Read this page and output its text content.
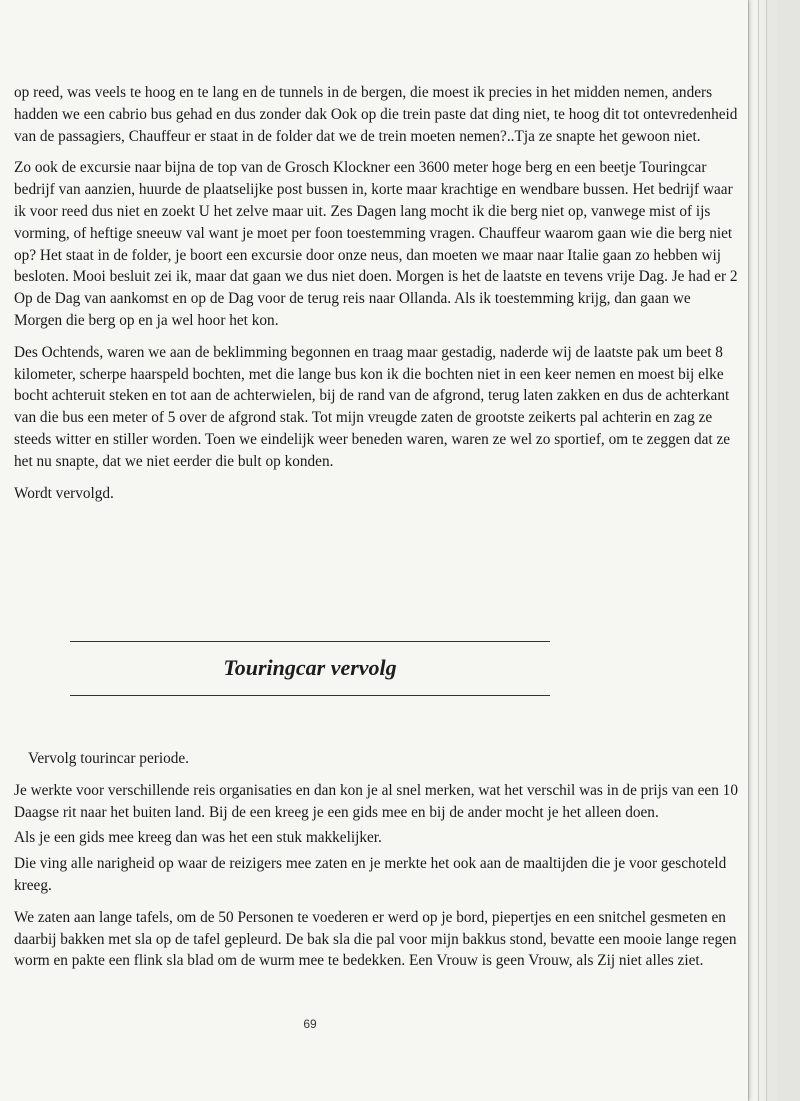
op reed, was veels te hoog en te lang en de tunnels in de bergen, die moest ik precies in het midden nemen, anders hadden we een cabrio bus gehad en dus zonder dak Ook op die trein paste dat ding niet, te hoog dit tot ontevredenheid van de passagiers, Chauffeur er staat in de folder dat we de trein moeten nemen?..Tja ze snapte het gewoon niet.

Zo ook de excursie naar bijna de top van de Grosch Klockner een 3600 meter hoge berg en een beetje Touringcar bedrijf van aanzien, huurde de plaatselijke post bussen in, korte maar krachtige en wendbare bussen. Het bedrijf waar ik voor reed dus niet en zoekt U het zelve maar uit. Zes Dagen lang mocht ik die berg niet op, vanwege mist of ijs vorming, of heftige sneeuw val want je moet per foon toestemming vragen. Chauffeur waarom gaan wie die berg niet op? Het staat in de folder, je boort een excursie door onze neus, dan moeten we maar naar Italie gaan zo hebben wij besloten. Mooi besluit zei ik, maar dat gaan we dus niet doen. Morgen is het de laatste en tevens vrije Dag. Je had er 2 Op de Dag van aankomst en op de Dag voor de terug reis naar Ollanda. Als ik toestemming krijg, dan gaan we Morgen die berg op en ja wel hoor het kon.

Des Ochtends, waren we aan de beklimming begonnen en traag maar gestadig, naderde wij de laatste pak um beet 8 kilometer, scherpe haarspeld bochten, met die lange bus kon ik die bochten niet in een keer nemen en moest bij elke bocht achteruit steken en tot aan de achterwielen, bij de rand van de afgrond, terug laten zakken en dus de achterkant van die bus een meter of 5 over de afgrond stak. Tot mijn vreugde zaten de grootste zeikerts pal achterin en zag ze steeds witter en stiller worden. Toen we eindelijk weer beneden waren, waren ze wel zo sportief, om te zeggen dat ze het nu snapte, dat we niet eerder die bult op konden.

Wordt vervolgd.

Touringcar vervolg

Vervolg tourincar periode.

Je werkte voor verschillende reis organisaties en dan kon je al snel merken, wat het verschil was in de prijs van een 10 Daagse rit naar het buiten land. Bij de een kreeg je een gids mee en bij de ander mocht je het alleen doen.

Als je een gids mee kreeg dan was het een stuk makkelijker.

Die ving alle narigheid op waar de reizigers mee zaten en je merkte het ook aan de maaltijden die je voor geschoteld kreeg.

We zaten aan lange tafels, om de 50 Personen te voederen er werd op je bord, piepertjes en een snitchel gesmeten en daarbij bakken met sla op de tafel gepleurd. De bak sla die pal voor mijn bakkus stond, bevatte een mooie lange regen worm en pakte een flink sla blad om de wurm mee te bedekken. Een Vrouw is geen Vrouw, als Zij niet alles ziet.

69
